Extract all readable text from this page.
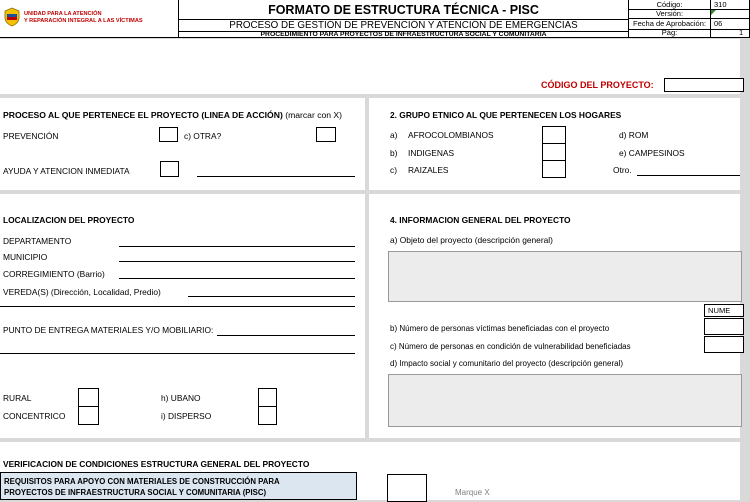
UNIDAD PARA LA ATENCIÓN
Y REPARACIÓN INTEGRAL A LAS VÍCTIMAS
FORMATO DE ESTRUCTURA TÉCNICA - PISC
PROCESO DE GESTIÓN DE PREVENCIÓN Y ATENCIÓN DE EMERGENCIAS
PROCEDIMIENTO PARA PROYECTOS DE INFRAESTRUCTURA SOCIAL Y COMUNITARIA
Código:
Versión:
Fecha de Aprobación:
Pág:
310
06
1
CÓDIGO DEL PROYECTO:
PROCESO AL QUE PERTENECE EL PROYECTO (LINEA DE ACCIÓN) (marcar con X)
PREVENCIÓN	c) OTRA?
AYUDA Y ATENCION INMEDIATA
2. GRUPO ETNICO AL QUE PERTENECEN LOS HOGARES
a) AFROCOLOMBIANOS
b) INDIGENAS
c) RAIZALES
d) ROM
e) CAMPESINOS
Otro.
LOCALIZACION DEL PROYECTO
DEPARTAMENTO
MUNICIPIO
CORREGIMIENTO (Barrio)
VEREDA(S) (Dirección, Localidad, Predio)
PUNTO DE ENTREGA MATERIALES Y/O MOBILIARIO:
RURAL
CONCENTRICO
h) UBANO
i) DISPERSO
4. INFORMACION GENERAL DEL PROYECTO
a) Objeto del proyecto (descripción general)
NUME
b) Número de personas víctimas beneficiadas con el proyecto
c) Número de personas en condición de vulnerabilidad beneficiadas
d) Impacto social y comunitario del proyecto (descripción general)
VERIFICACION DE CONDICIONES ESTRUCTURA GENERAL DEL PROYECTO
REQUISITOS PARA APOYO CON MATERIALES DE CONSTRUCCIÓN PARA
PROYECTOS DE INFRAESTRUCTURA SOCIAL Y COMUNITARIA (PISC)	Marque X
